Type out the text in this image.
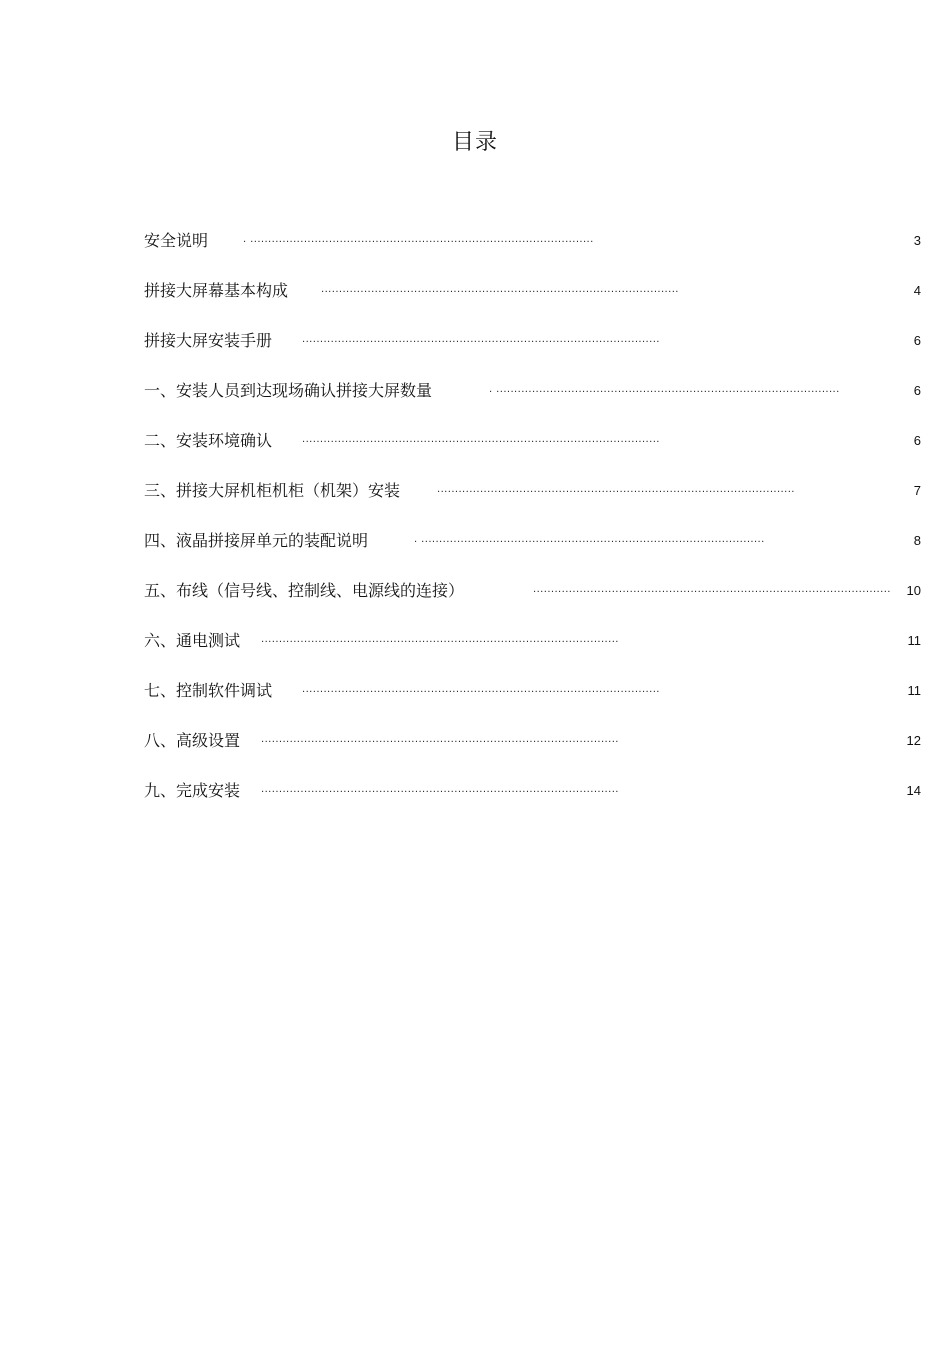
目录
安全说明	. ................................................................................................	3
拼接大屏幕基本构成	....................................................................................................	4
拼接大屏安装手册	....................................................................................................	6
一、安装人员到达现场确认拼接大屏数量	. ................................................................................................	6
二、安装环境确认	....................................................................................................	6
三、拼接大屏机柜机柜（机架）安装	....................................................................................................	7
四、液晶拼接屏单元的装配说明	. ................................................................................................	8
五、布线（信号线、控制线、电源线的连接）	.................................................................................................... 10
六、通电测试 ....................................................................................................	11
七、控制软件调试	....................................................................................................	11
八、高级设置 ....................................................................................................	12
九、完成安装 ....................................................................................................	14
